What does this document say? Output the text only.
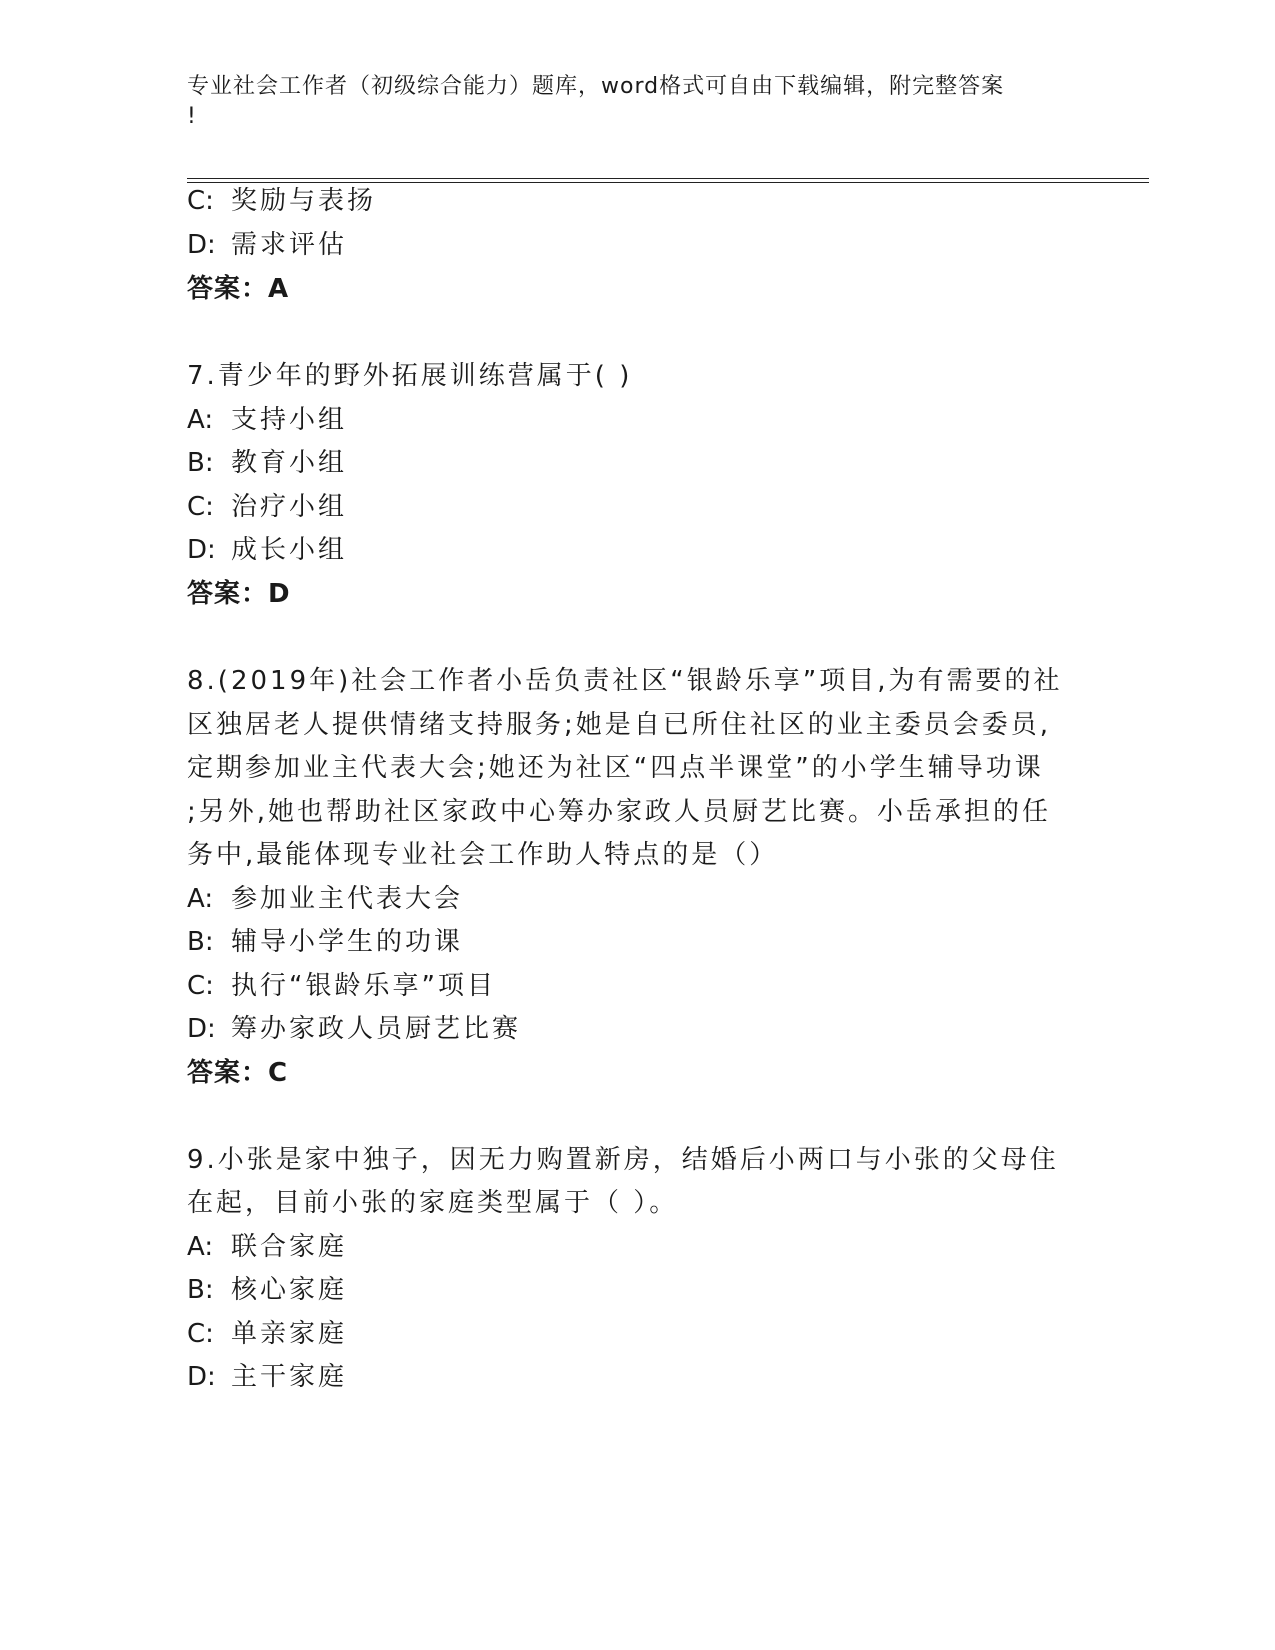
专业社会工作者（初级综合能力）题库，word格式可自由下载编辑，附完整答案
!
C: 奖励与表扬
D: 需求评估
答案：A
7.青少年的野外拓展训练营属于( )
A: 支持小组
B: 教育小组
C: 治疗小组
D: 成长小组
答案：D
8.(2019年)社会工作者小岳负责社区“银龄乐享”项目,为有需要的社
区独居老人提供情绪支持服务;她是自已所住社区的业主委员会委员,
定期参加业主代表大会;她还为社区“四点半课堂”的小学生辅导功课
;另外,她也帮助社区家政中心筹办家政人员厨艺比赛。小岳承担的任
务中,最能体现专业社会工作助人特点的是（）
A: 参加业主代表大会
B: 辅导小学生的功课
C: 执行“银龄乐享”项目
D: 筹办家政人员厨艺比赛
答案：C
9.小张是家中独子，因无力购置新房，结婚后小两口与小张的父母住
在起，目前小张的家庭类型属于（ ）。
A: 联合家庭
B: 核心家庭
C: 单亲家庭
D: 主干家庭
